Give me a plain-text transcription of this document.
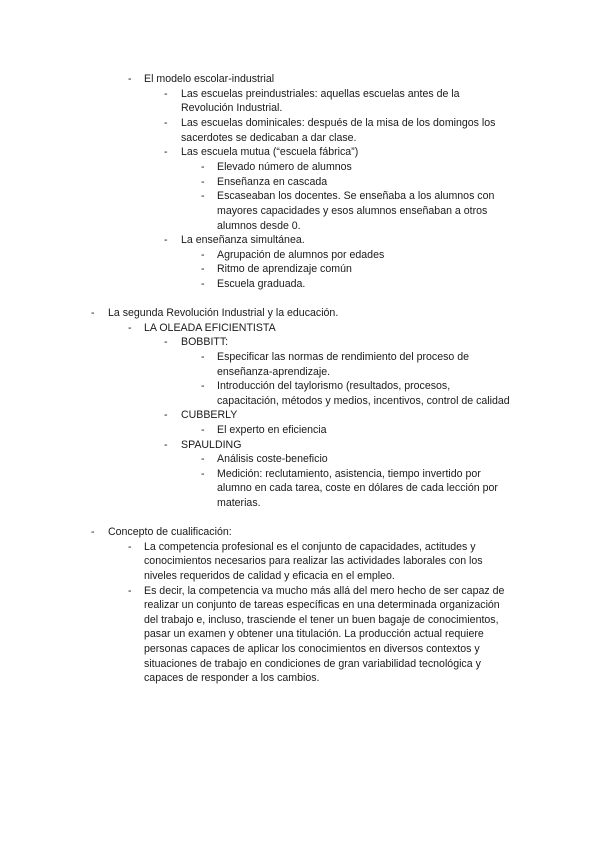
- El modelo escolar-industrial
- Las escuelas preindustriales: aquellas escuelas antes de la
Revolución Industrial.
- Las escuelas dominicales: después de la misa de los domingos los
sacerdotes se dedicaban a dar clase.
- Las escuela mutua (“escuela fábrica”)
- Elevado número de alumnos
- Enseñanza en cascada
- Escaseaban los docentes. Se enseñaba a los alumnos con
mayores capacidades y esos alumnos enseñaban a otros
alumnos desde 0.
- La enseñanza simultánea.
- Agrupación de alumnos por edades
- Ritmo de aprendizaje común
- Escuela graduada.
- La segunda Revolución Industrial y la educación.
- LA OLEADA EFICIENTISTA
- BOBBITT:
- Especificar las normas de rendimiento del proceso de
enseñanza-aprendizaje.
- Introducción del taylorismo (resultados, procesos,
capacitación, métodos y medios, incentivos, control de calidad
- CUBBERLY
- El experto en eficiencia
- SPAULDING
- Análisis coste-beneficio
- Medición: reclutamiento, asistencia, tiempo invertido por
alumno en cada tarea, coste en dólares de cada lección por
materias.
- Concepto de cualificación:
- La competencia profesional es el conjunto de capacidades, actitudes y
conocimientos necesarios para realizar las actividades laborales con los
niveles requeridos de calidad y eficacia en el empleo.
- Es decir, la competencia va mucho más allá del mero hecho de ser capaz de
realizar un conjunto de tareas específicas en una determinada organización
del trabajo e, incluso, trasciende el tener un buen bagaje de conocimientos,
pasar un examen y obtener una titulación. La producción actual requiere
personas capaces de aplicar los conocimientos en diversos contextos y
situaciones de trabajo en condiciones de gran variabilidad tecnológica y
capaces de responder a los cambios.
